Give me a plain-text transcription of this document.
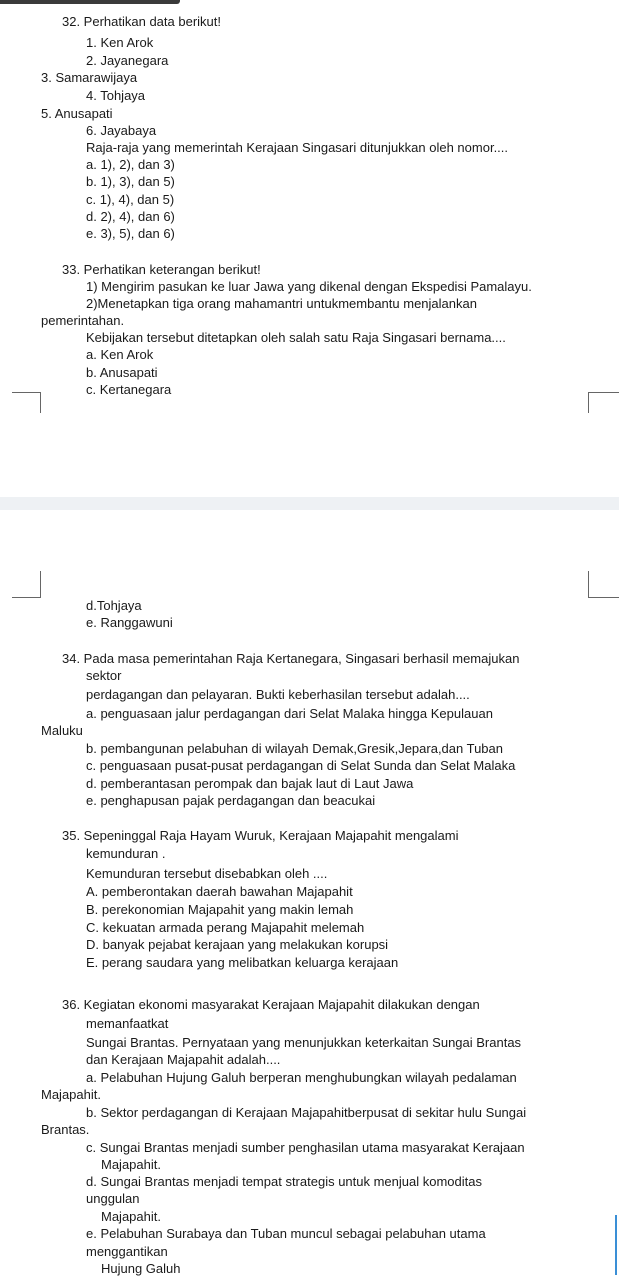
32. Perhatikan data berikut!
1. Ken Arok
2. Jayanegara
3. Samarawijaya
4. Tohjaya
5. Anusapati
6. Jayabaya
Raja-raja yang memerintah Kerajaan Singasari ditunjukkan oleh nomor....
a. 1), 2), dan 3)
b. 1), 3), dan 5)
c. 1), 4), dan 5)
d. 2), 4), dan 6)
e. 3), 5), dan 6)
33. Perhatikan keterangan berikut!
1) Mengirim pasukan ke luar Jawa yang dikenal dengan Ekspedisi Pamalayu.
2)Menetapkan tiga orang mahamantri untukmembantu menjalankan
pemerintahan.
Kebijakan tersebut ditetapkan oleh salah satu Raja Singasari bernama....
a. Ken Arok
b. Anusapati
c. Kertanegara
d.Tohjaya
e. Ranggawuni
34. Pada masa pemerintahan Raja Kertanegara, Singasari berhasil memajukan
sektor
perdagangan dan pelayaran. Bukti keberhasilan tersebut adalah....
a. penguasaan jalur perdagangan dari Selat Malaka hingga Kepulauan
Maluku
b. pembangunan pelabuhan di wilayah Demak,Gresik,Jepara,dan Tuban
c. penguasaan pusat-pusat perdagangan di Selat Sunda dan Selat Malaka
d. pemberantasan perompak dan bajak laut di Laut Jawa
e. penghapusan pajak perdagangan dan beacukai
35. Sepeninggal Raja Hayam Wuruk, Kerajaan Majapahit mengalami
kemunduran .
Kemunduran tersebut disebabkan oleh ....
A. pemberontakan daerah bawahan Majapahit
B. perekonomian Majapahit yang makin lemah
C. kekuatan armada perang Majapahit melemah
D. banyak pejabat kerajaan yang melakukan korupsi
E. perang saudara yang melibatkan keluarga kerajaan
36. Kegiatan ekonomi masyarakat Kerajaan Majapahit dilakukan dengan
memanfaatkat
Sungai Brantas. Pernyataan yang menunjukkan keterkaitan Sungai Brantas
dan Kerajaan Majapahit adalah....
a. Pelabuhan Hujung Galuh berperan menghubungkan wilayah pedalaman
Majapahit.
b. Sektor perdagangan di Kerajaan Majapahitberpusat di sekitar hulu Sungai
Brantas.
c. Sungai Brantas menjadi sumber penghasilan utama masyarakat Kerajaan
Majapahit.
d. Sungai Brantas menjadi tempat strategis untuk menjual komoditas
unggulan
Majapahit.
e. Pelabuhan Surabaya dan Tuban muncul sebagai pelabuhan utama
menggantikan
Hujung Galuh
